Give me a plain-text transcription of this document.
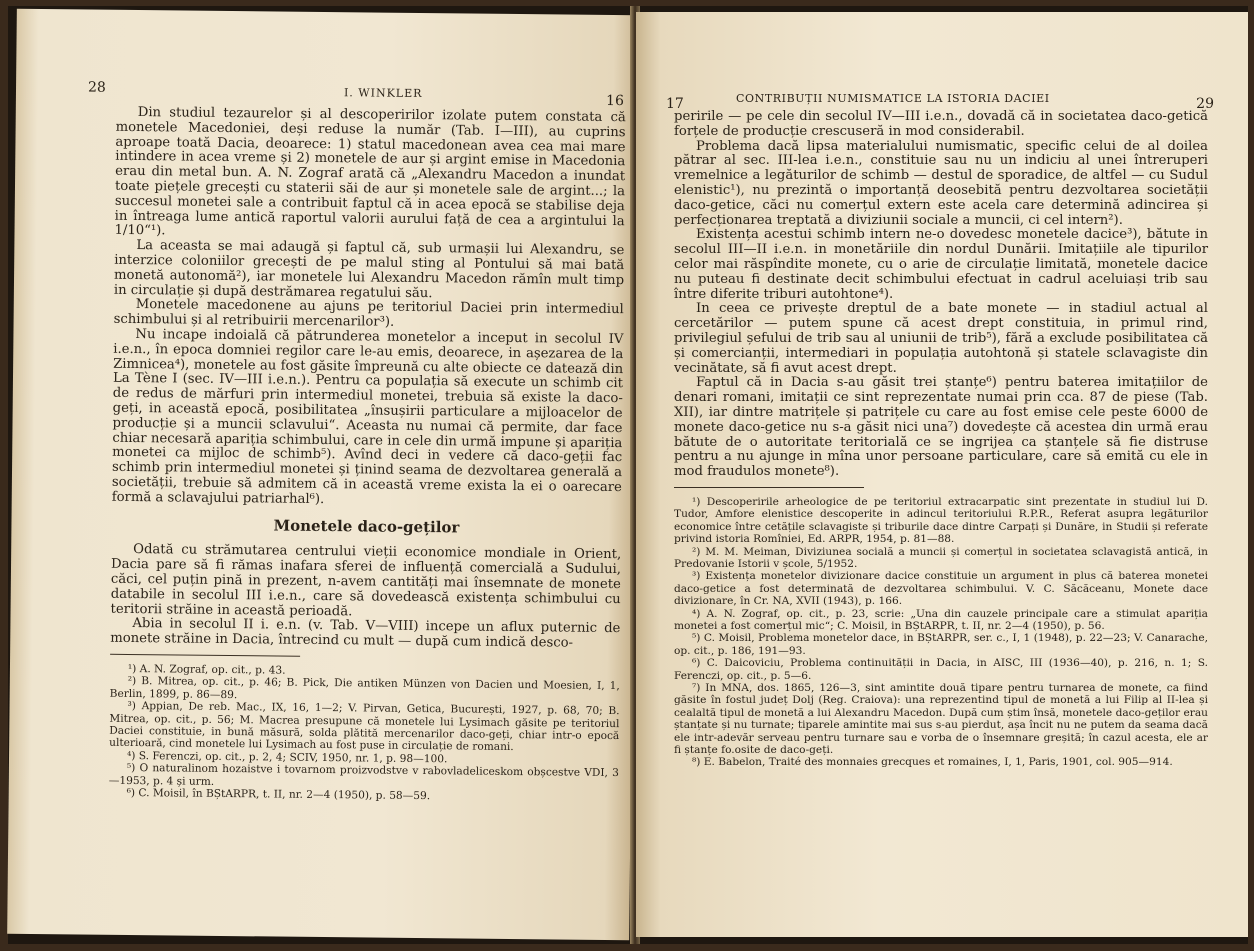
28	I. WINKLER	16

Din studiul tezaurelor și al descoperirilor izolate putem constata că monetele Macedoniei, deși reduse la număr (Tab. I—III), au cuprins aproape toată Dacia, deoarece: 1) statul macedonean avea cea mai mare intindere in acea vreme și 2) monetele de aur și argint emise in Macedonia erau din metal bun. A. N. Zograf arată că „Alexandru Macedon a inundat toate piețele grecești cu staterii săi de aur și monetele sale de argint...; la succesul monetei sale a contribuit faptul că in acea epocă se stabilise deja in întreaga lume antică raportul valorii aurului față de cea a argintului la 1/10“¹).

La aceasta se mai adaugă și faptul că, sub urmașii lui Alexandru, se interzice coloniilor grecești de pe malul sting al Pontului să mai bată monetă autonomă²), iar monetele lui Alexandru Macedon rămîn mult timp in circulație și după destrămarea regatului său.

Monetele macedonene au ajuns pe teritoriul Daciei prin intermediul schimbului și al retribuirii mercenarilor³).

Nu incape indoială că pătrunderea monetelor a inceput in secolul IV i.e.n., în epoca domniei regilor care le-au emis, deoarece, in așezarea de la Zimnicea⁴), monetele au fost găsite împreună cu alte obiecte ce datează din La Tène I (sec. IV—III i.e.n.). Pentru ca populația să execute un schimb cit de redus de mărfuri prin intermediul monetei, trebuia să existe la daco-geți, in această epocă, posibilitatea „însușirii particulare a mijloacelor de producție și a muncii sclavului“. Aceasta nu numai că permite, dar face chiar necesară apariția schimbului, care in cele din urmă impune și apariția monetei ca mijloc de schimb⁵). Avînd deci in vedere că daco-geții fac schimb prin intermediul monetei și ținind seama de dezvoltarea generală a societății, trebuie să admitem că in această vreme exista la ei o oarecare formă a sclavajului patriarhal⁶).

Monetele daco-geților

Odată cu strămutarea centrului vieții economice mondiale in Orient, Dacia pare să fi rămas inafara sferei de influență comercială a Sudului, căci, cel puțin pină in prezent, n-avem cantități mai însemnate de monete databile in secolul III i.e.n., care să dovedească existența schimbului cu teritorii străine in această perioadă.

Abia in secolul II i. e.n. (v. Tab. V—VIII) incepe un aflux puternic de monete străine in Dacia, întrecind cu mult — după cum indică desco-

¹) A. N. Zograf, op. cit., p. 43.

²) B. Mitrea, op. cit., p. 46; B. Pick, Die antiken Münzen von Dacien und Moesien, I, 1, Berlin, 1899, p. 86—89.

³) Appian, De reb. Mac., IX, 16, 1—2; V. Pirvan, Getica, București, 1927, p. 68, 70; B. Mitrea, op. cit., p. 56; M. Macrea presupune că monetele lui Lysimach găsite pe teritoriul Daciei constituie, in bună măsură, solda plătită mercenarilor daco-geți, chiar intr-o epocă ulterioară, cind monetele lui Lysimach au fost puse in circulație de romani.

⁴) S. Ferenczi, op. cit., p. 2, 4; SCIV, 1950, nr. 1, p. 98—100.

⁵) O naturalinom hozaistve i tovarnom proizvodstve v rabovladeliceskom obșcestve VDI, 3—1953, p. 4 și urm.

⁶) C. Moisil, în BȘtARPR, t. II, nr. 2—4 (1950), p. 58—59.

17	CONTRIBUȚII NUMISMATICE LA ISTORIA DACIEI	29

peririle — pe cele din secolul IV—III i.e.n., dovadă că in societatea daco-getică forțele de producție crescuseră in mod considerabil.

Problema dacă lipsa materialului numismatic, specific celui de al doilea pătrar al sec. III-lea i.e.n., constituie sau nu un indiciu al unei întreruperi vremelnice a legăturilor de schimb — destul de sporadice, de altfel — cu Sudul elenistic¹), nu prezintă o importanță deosebită pentru dezvoltarea societății daco-getice, căci nu comerțul extern este acela care determină adincirea și perfecționarea treptată a diviziunii sociale a muncii, ci cel intern²).

Existența acestui schimb intern ne-o dovedesc monetele dacice³), bătute in secolul III—II i.e.n. in monetăriile din nordul Dunării. Imitațiile ale tipurilor celor mai răspîndite monete, cu o arie de circulație limitată, monetele dacice nu puteau fi destinate decit schimbului efectuat in cadrul aceluiași trib sau între diferite triburi autohtone⁴).

In ceea ce privește dreptul de a bate monete — in stadiul actual al cercetărilor — putem spune că acest drept constituia, in primul rind, privilegiul șefului de trib sau al uniunii de trib⁵), fără a exclude posibilitatea că și comercianții, intermediari in populația autohtonă și statele sclavagiste din vecinătate, să fi avut acest drept.

Faptul că in Dacia s-au găsit trei ștanțe⁶) pentru baterea imitațiilor de denari romani, imitații ce sint reprezentate numai prin cca. 87 de piese (Tab. XII), iar dintre matrițele și patrițele cu care au fost emise cele peste 6000 de monete daco-getice nu s-a găsit nici una⁷) dovedește că acestea din urmă erau bătute de o autoritate teritorială ce se ingrijea ca ștanțele să fie distruse pentru a nu ajunge in mîna unor persoane particulare, care să emită cu ele in mod fraudulos monete⁸).

¹) Descoperirile arheologice de pe teritoriul extracarpatic sint prezentate in studiul lui D. Tudor, Amfore elenistice descoperite in adincul teritoriului R.P.R., Referat asupra legăturilor economice între cetățile sclavagiste și triburile dace dintre Carpați și Dunăre, in Studii și referate privind istoria Romîniei, Ed. ARPR, 1954, p. 81—88.

²) M. M. Meiman, Diviziunea socială a muncii și comerțul in societatea sclavagistă antică, in Predovanie Istorii v școle, 5/1952.

³) Existența monetelor divizionare dacice constituie un argument in plus că baterea monetei daco-getice a fost determinată de dezvoltarea schimbului. V. C. Săcăceanu, Monete dace divizionare, în Cr. NA, XVII (1943), p. 166.

⁴) A. N. Zograf, op. cit., p. 23, scrie: „Una din cauzele principale care a stimulat apariția monetei a fost comerțul mic“; C. Moisil, in BȘtARPR, t. II, nr. 2—4 (1950), p. 56.

⁵) C. Moisil, Problema monetelor dace, in BȘtARPR, ser. c., I, 1 (1948), p. 22—23; V. Canarache, op. cit., p. 186, 191—93.

⁶) C. Daicoviciu, Problema continuității in Dacia, in AISC, III (1936—40), p. 216, n. 1; S. Ferenczi, op. cit., p. 5—6.

⁷) In MNA, dos. 1865, 126—3, sint amintite două tipare pentru turnarea de monete, ca fiind găsite în fostul județ Dolj (Reg. Craiova): una reprezentind tipul de monetă a lui Filip al II-lea și cealaltă tipul de monetă a lui Alexandru Macedon. După cum știm însă, monetele daco-geților erau ștanțate și nu turnate; tiparele amintite mai sus s-au pierdut, așa încit nu ne putem da seama dacă ele intr-adevăr serveau pentru turnare sau e vorba de o însemnare greșită; în cazul acesta, ele ar fi ștanțe fo.osite de daco-geți.

⁸) E. Babelon, Traité des monnaies grecques et romaines, I, 1, Paris, 1901, col. 905—914.
